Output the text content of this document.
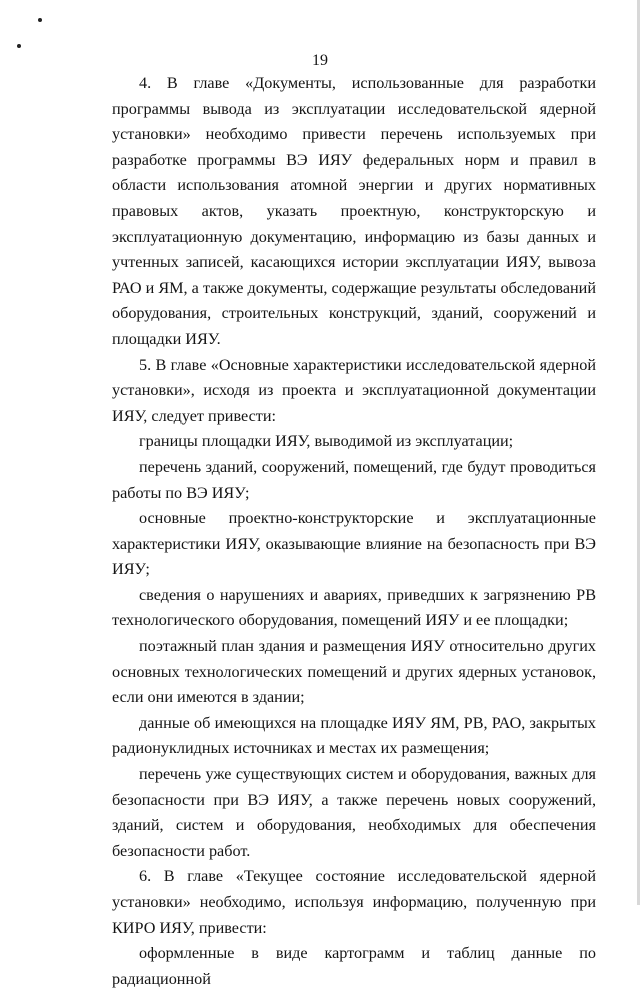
19

4. В главе «Документы, использованные для разработки программы вывода из эксплуатации исследовательской ядерной установки» необходимо привести перечень используемых при разработке программы ВЭ ИЯУ федеральных норм и правил в области использования атомной энергии и других нормативных правовых актов, указать проектную, конструкторскую и эксплуатационную документацию, информацию из базы данных и учтенных записей, касающихся истории эксплуатации ИЯУ, вывоза РАО и ЯМ, а также документы, содержащие результаты обследований оборудования, строительных конструкций, зданий, сооружений и площадки ИЯУ.

5. В главе «Основные характеристики исследовательской ядерной установки», исходя из проекта и эксплуатационной документации ИЯУ, следует привести:

границы площадки ИЯУ, выводимой из эксплуатации;

перечень зданий, сооружений, помещений, где будут проводиться работы по ВЭ ИЯУ;

основные проектно-конструкторские и эксплуатационные характеристики ИЯУ, оказывающие влияние на безопасность при ВЭ ИЯУ;

сведения о нарушениях и авариях, приведших к загрязнению РВ технологического оборудования, помещений ИЯУ и ее площадки;

поэтажный план здания и размещения ИЯУ относительно других основных технологических помещений и других ядерных установок, если они имеются в здании;

данные об имеющихся на площадке ИЯУ ЯМ, РВ, РАО, закрытых радионуклидных источниках и местах их размещения;

перечень уже существующих систем и оборудования, важных для безопасности при ВЭ ИЯУ, а также перечень новых сооружений, зданий, систем и оборудования, необходимых для обеспечения безопасности работ.

6. В главе «Текущее состояние исследовательской ядерной установки» необходимо, используя информацию, полученную при КИРО ИЯУ, привести:

оформленные в виде картограмм и таблиц данные по радиационной
